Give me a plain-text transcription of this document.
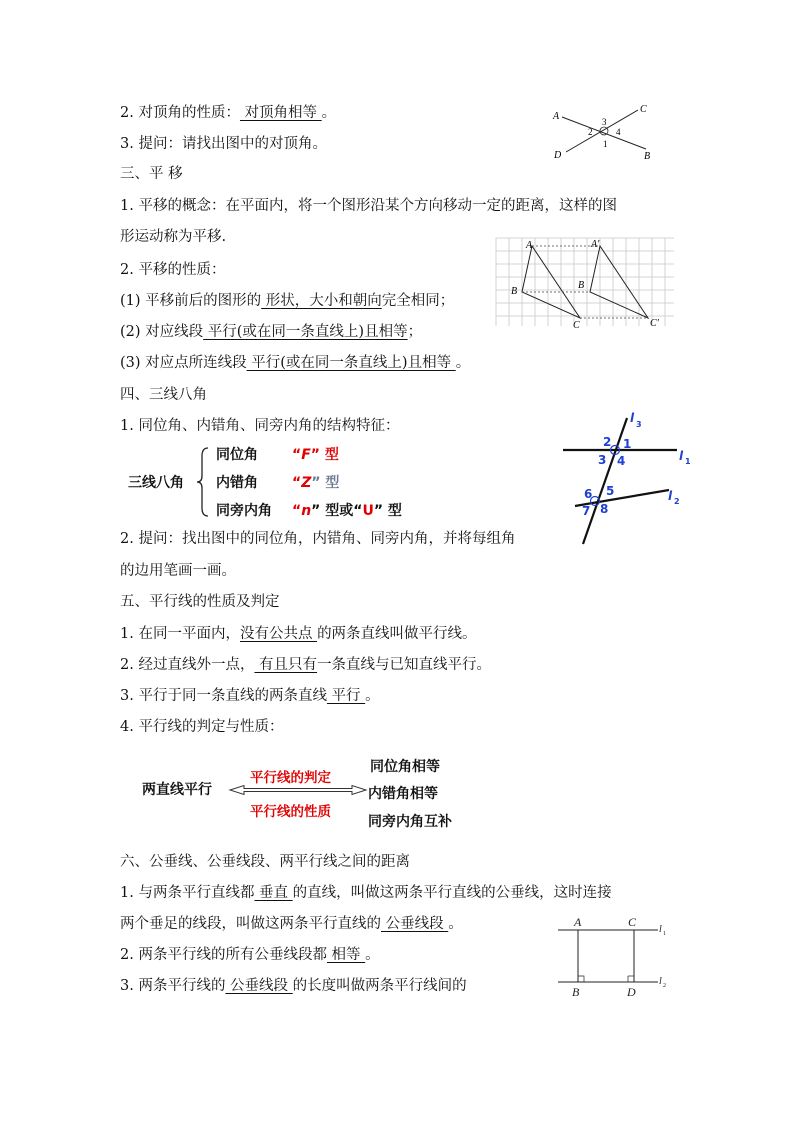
2. 对顶角的性质： 对顶角相等 。
3. 提问：请找出图中的对顶角。
A
B
C
D
1
2
3
4
三、平 移
1. 平移的概念：在平面内，将一个图形沿某个方向移动一定的距离，这样的图
形运动称为平移.
2. 平移的性质：
(1) 平移前后的图形的 形状，大小和朝向完全相同；
(2) 对应线段 平行(或在同一条直线上)且相等；
(3) 对应点所连线段 平行(或在同一条直线上)且相等 。
A
B
C
A′
B
C′
四、三线八角
1. 同位角、内错角、同旁内角的结构特征：
三线八角
同位角
内错角
同旁内角
“F” 型
“Z” 型
“n” 型或“U” 型
2. 提问：找出图中的同位角，内错角、同旁内角，并将每组角
的边用笔画一画。
l 3
l 1
l 2
1
2
3 4
5
6
7 8
五、平行线的性质及判定
1. 在同一平面内，没有公共点 的两条直线叫做平行线。
2. 经过直线外一点， 有且只有一条直线与已知直线平行。
3. 平行于同一条直线的两条直线 平行 。
4. 平行线的判定与性质：
两直线平行
平行线的判定
平行线的性质
同位角相等
内错角相等
同旁内角互补
六、公垂线、公垂线段、两平行线之间的距离
1. 与两条平行直线都 垂直 的直线，叫做这两条平行直线的公垂线，这时连接
两个垂足的线段，叫做这两条平行直线的 公垂线段 。
2. 两条平行线的所有公垂线段都 相等 。
3. 两条平行线的 公垂线段 的长度叫做两条平行线间的
A	C
B	D
l 1
l 2
